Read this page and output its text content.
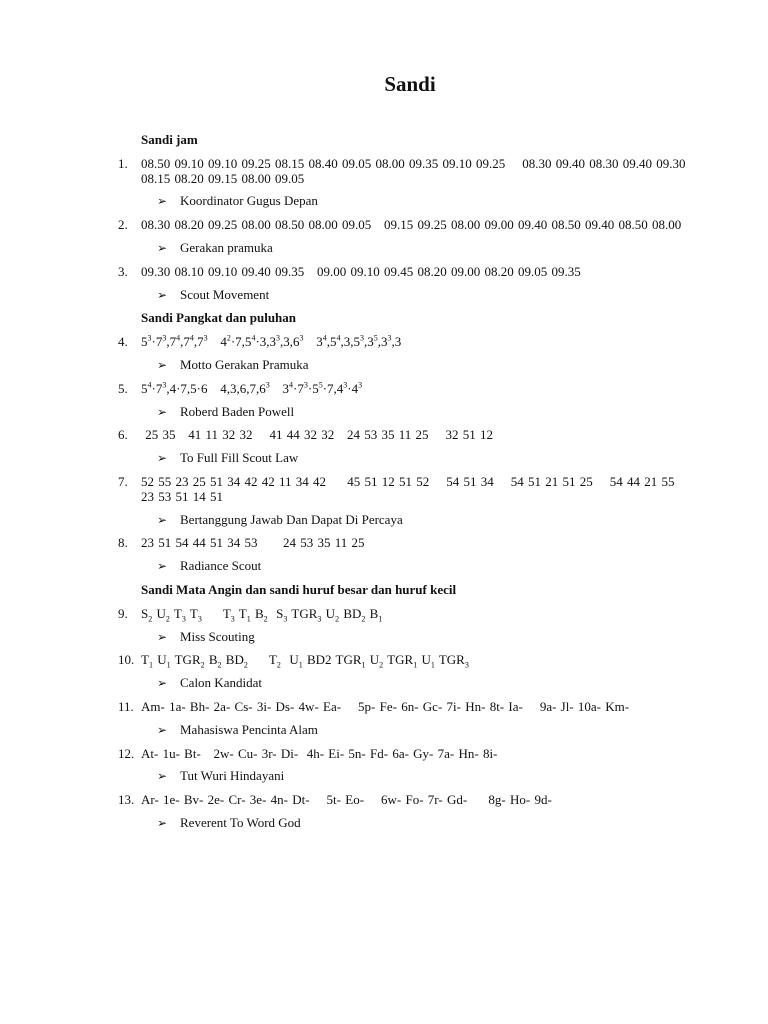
Sandi
Sandi jam
1.	08.50 09.10 09.10 09.25 08.15 08.40 09.05 08.00 09.35 09.10 09.25    08.30 09.40 08.30 09.40 09.30    08.15 08.20 09.15 08.00 09.05
➢ Koordinator Gugus Depan
2.	08.30 08.20 09.25 08.00 08.50 08.00 09.05   09.15 09.25 08.00 09.00 09.40 08.50 09.40 08.50 08.00
➢ Gerakan pramuka
3.	09.30 08.10 09.10 09.40 09.35   09.00 09.10 09.45 08.20 09.00 08.20 09.05 09.35
➢ Scout Movement
Sandi Pangkat dan puluhan
4.	$5^3\cdot 7^3,7^4,7^4,7^3$   $4^2\cdot 7,5^4\cdot 3,3^3,3,6^3$   $3^4,5^4,3,5^3,3^5,3^3,3$
➢ Motto Gerakan Pramuka
5.	$5^4\cdot 7^3,4\cdot 7,5\cdot 6$   4,3,6,7,6$^3$   $3^4\cdot 7^3\cdot 5^5\cdot 7,4^3\cdot 4^3$
➢ Roberd Baden Powell
6.	25 35   41 11 32 32    41 44 32 32   24 53 35 11 25    32 51 12
➢ To Full Fill Scout Law
7.	52 55 23 25 51 34 42 42 11 34 42     45 51 12 51 52    54 51 34    54 51 21 51 25    54 44 21 55 23 53 51 14 51
➢ Bertanggung Jawab Dan Dapat Di Percaya
8.	23 51 54 44 51 34 53      24 53 35 11 25
➢ Radiance Scout
Sandi Mata Angin dan sandi huruf besar dan huruf kecil
9.	$S_2$ $U_2$ $T_3$ $T_3$     $T_3$ $T_1$ $B_2$  $S_3$ $TGR_3$ $U_2$ $BD_2$ $B_1$
➢ Miss Scouting
10. $T_1$ $U_1$ $TGR_2$ $B_2$ $BD_2$     $T_2$  $U_1$ BD2 $TGR_1$ $U_2$ $TGR_1$ $U_1$ $TGR_3$
➢ Calon Kandidat
11. Am- 1a- Bh- 2a- Cs- 3i- Ds- 4w- Ea-    5p- Fe- 6n- Gc- 7i- Hn- 8t- Ia-    9a- Jl- 10a- Km-
➢ Mahasiswa Pencinta Alam
12. At- 1u- Bt-   2w- Cu- 3r- Di-  4h- Ei- 5n- Fd- 6a- Gy- 7a- Hn- 8i-
➢ Tut Wuri Hindayani
13. Ar- 1e- Bv- 2e- Cr- 3e- 4n- Dt-    5t- Eo-    6w- Fo- 7r- Gd-     8g- Ho- 9d-
➢ Reverent To Word God
